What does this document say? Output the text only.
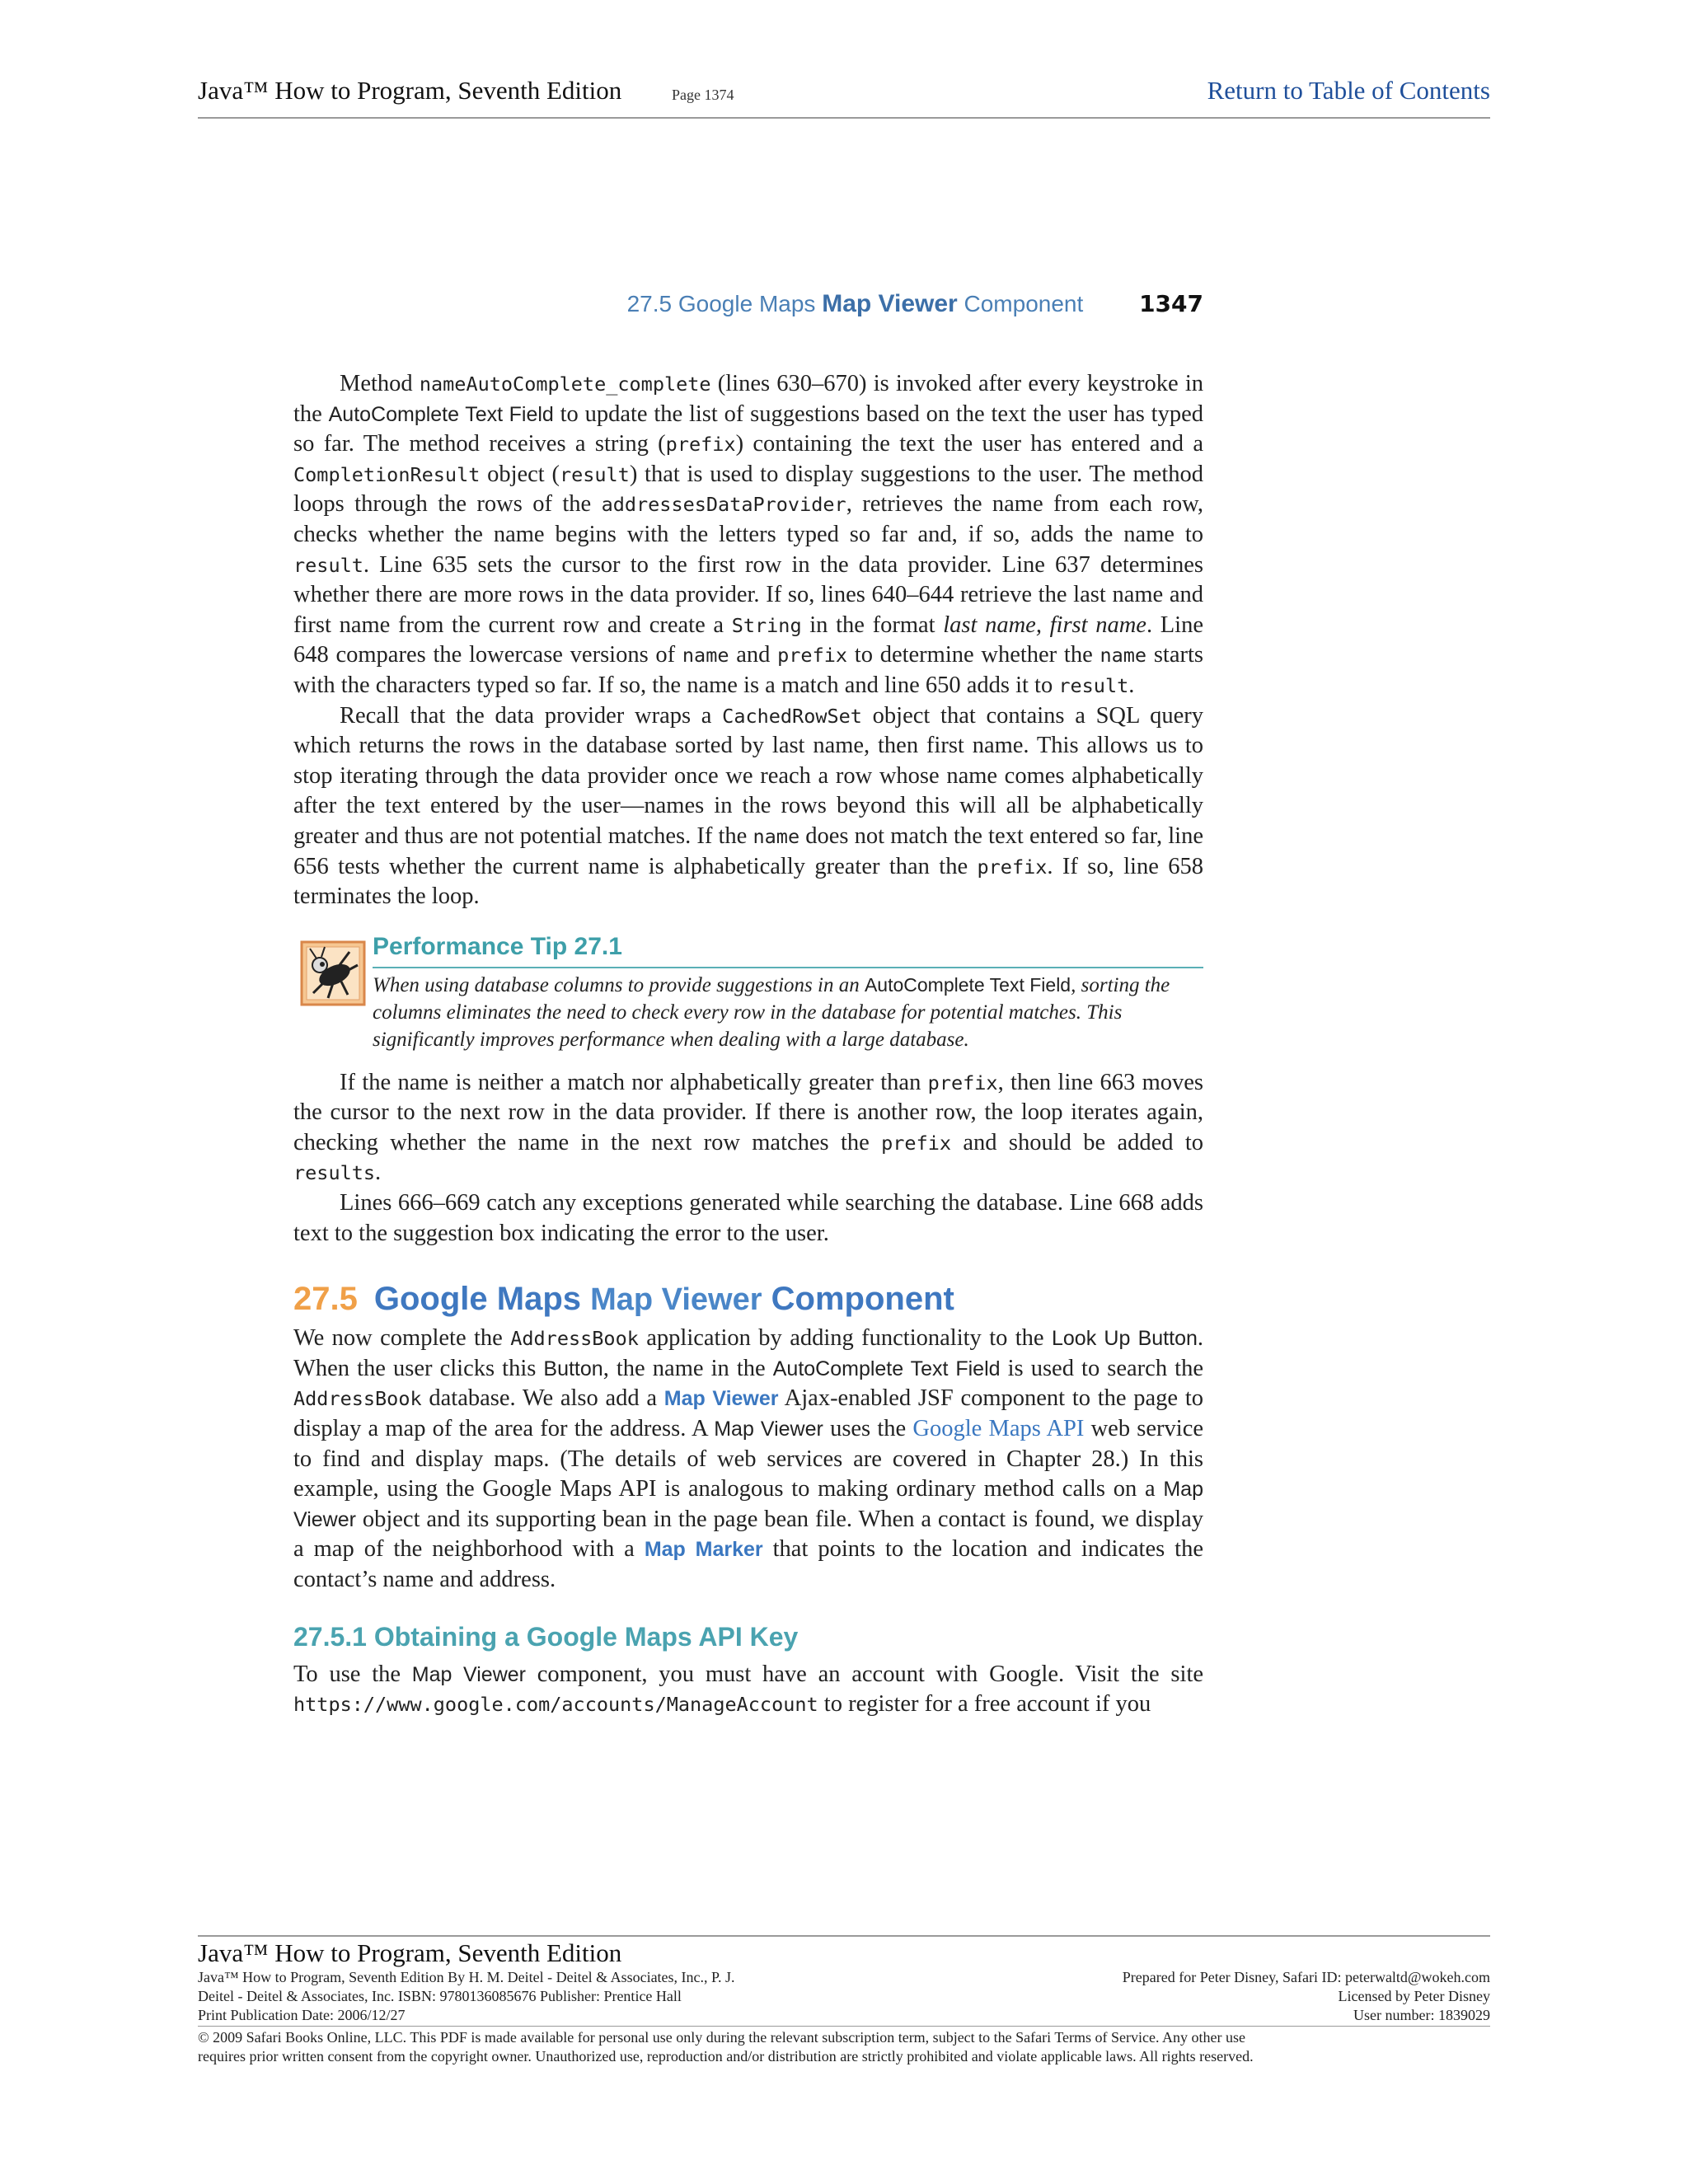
Java™ How to Program, Seventh Edition	Page 1374	Return to Table of Contents
27.5 Google Maps Map Viewer Component 1347

Method nameAutoComplete_complete (lines 630–670) is invoked after every keystroke in the AutoComplete Text Field to update the list of suggestions based on the text the user has typed so far. The method receives a string (prefix) containing the text the user has entered and a CompletionResult object (result) that is used to display suggestions to the user. The method loops through the rows of the addressesDataProvider, retrieves the name from each row, checks whether the name begins with the letters typed so far and, if so, adds the name to result. Line 635 sets the cursor to the first row in the data provider. Line 637 determines whether there are more rows in the data provider. If so, lines 640–644 retrieve the last name and first name from the current row and create a String in the format last name, first name. Line 648 compares the lowercase versions of name and prefix to determine whether the name starts with the characters typed so far. If so, the name is a match and line 650 adds it to result.

Recall that the data provider wraps a CachedRowSet object that contains a SQL query which returns the rows in the database sorted by last name, then first name. This allows us to stop iterating through the data provider once we reach a row whose name comes alphabetically after the text entered by the user—names in the rows beyond this will all be alphabetically greater and thus are not potential matches. If the name does not match the text entered so far, line 656 tests whether the current name is alphabetically greater than the prefix. If so, line 658 terminates the loop.

Performance Tip 27.1
When using database columns to provide suggestions in an AutoComplete Text Field, sorting the columns eliminates the need to check every row in the database for potential matches. This significantly improves performance when dealing with a large database.

If the name is neither a match nor alphabetically greater than prefix, then line 663 moves the cursor to the next row in the data provider. If there is another row, the loop iterates again, checking whether the name in the next row matches the prefix and should be added to results.

Lines 666–669 catch any exceptions generated while searching the database. Line 668 adds text to the suggestion box indicating the error to the user.

27.5 Google Maps Map Viewer Component

We now complete the AddressBook application by adding functionality to the Look Up Button. When the user clicks this Button, the name in the AutoComplete Text Field is used to search the AddressBook database. We also add a Map Viewer Ajax-enabled JSF component to the page to display a map of the area for the address. A Map Viewer uses the Google Maps API web service to find and display maps. (The details of web services are covered in Chapter 28.) In this example, using the Google Maps API is analogous to making ordinary method calls on a Map Viewer object and its supporting bean in the page bean file. When a contact is found, we display a map of the neighborhood with a Map Marker that points to the location and indicates the contact’s name and address.

27.5.1 Obtaining a Google Maps API Key

To use the Map Viewer component, you must have an account with Google. Visit the site https://www.google.com/accounts/ManageAccount to register for a free account if you

Java™ How to Program, Seventh Edition
Java™ How to Program, Seventh Edition By H. M. Deitel - Deitel & Associates, Inc., P. J.
Deitel - Deitel & Associates, Inc. ISBN: 9780136085676 Publisher: Prentice Hall
Print Publication Date: 2006/12/27
Prepared for Peter Disney, Safari ID: peterwaltd@wokeh.com
Licensed by Peter Disney
User number: 1839029
© 2009 Safari Books Online, LLC. This PDF is made available for personal use only during the relevant subscription term, subject to the Safari Terms of Service. Any other use
requires prior written consent from the copyright owner. Unauthorized use, reproduction and/or distribution are strictly prohibited and violate applicable laws. All rights reserved.
